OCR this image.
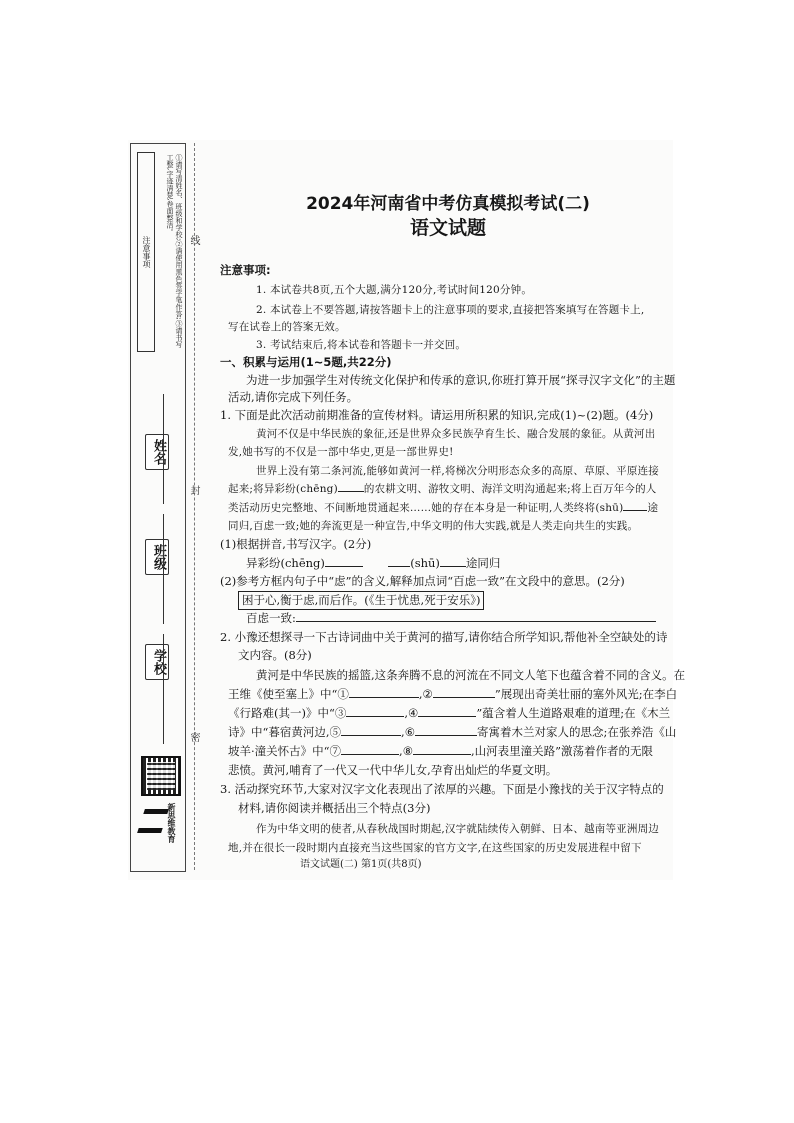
注意事项	①请写清姓名、班级和学校;②请使用黑色签字笔作答;③请书写工整,字迹清楚,卷面整洁。
姓名
班级
学校
新思维教育
线
封
密
2024年河南省中考仿真模拟考试(二)
语文试题
注意事项:
1. 本试卷共8页,五个大题,满分120分,考试时间120分钟。
2. 本试卷上不要答题,请按答题卡上的注意事项的要求,直接把答案填写在答题卡上,
写在试卷上的答案无效。
3. 考试结束后,将本试卷和答题卡一并交回。
一、积累与运用(1~5题,共22分)
为进一步加强学生对传统文化保护和传承的意识,你班打算开展“探寻汉字文化”的主题
活动,请你完成下列任务。
1. 下面是此次活动前期准备的宣传材料。请运用所积累的知识,完成(1)~(2)题。(4分)
黄河不仅是中华民族的象征,还是世界众多民族孕育生长、融合发展的象征。从黄河出
发,她书写的不仅是一部中华史,更是一部世界史!
世界上没有第二条河流,能够如黄河一样,将梯次分明形态众多的高原、草原、平原连接
起来;将异彩纷(chēng) 的农耕文明、游牧文明、海洋文明沟通起来;将上百万年今的人
类活动历史完整地、不间断地贯通起来……她的存在本身是一种证明,人类终将(shū) 途
同归,百虑一致;她的奔流更是一种宣告,中华文明的伟大实践,就是人类走向共生的实践。
(1)根据拼音,书写汉字。(2分)
异彩纷(chēng)	(shū) 途同归
(2)参考方框内句子中“虑”的含义,解释加点词“百虑一致”在文段中的意思。(2分)
困于心,衡于虑,而后作。(《生于忧患,死于安乐》)
百虑一致:
2. 小豫还想探寻一下古诗词曲中关于黄河的描写,请你结合所学知识,帮他补全空缺处的诗
文内容。(8分)
黄河是中华民族的摇篮,这条奔腾不息的河流在不同文人笔下也蕴含着不同的含义。在
王维《使至塞上》中“①	,②	”展现出奇美壮丽的塞外风光;在李白
《行路难(其一)》中“③	,④	”蕴含着人生道路艰难的道理;在《木兰
诗》中“暮宿黄河边,⑤	,⑥	寄寓着木兰对家人的思念;在张养浩《山
坡羊·潼关怀古》中“⑦	,⑧	,山河表里潼关路”激荡着作者的无限
悲愤。黄河,哺育了一代又一代中华儿女,孕育出灿烂的华夏文明。
3. 活动探究环节,大家对汉字文化表现出了浓厚的兴趣。下面是小豫找的关于汉字特点的
材料,请你阅读并概括出三个特点(3分)
作为中华文明的使者,从春秋战国时期起,汉字就陆续传入朝鲜、日本、越南等亚洲周边
地,并在很长一段时期内直接充当这些国家的官方文字,在这些国家的历史发展进程中留下
语文试题(二) 第1页(共8页)
